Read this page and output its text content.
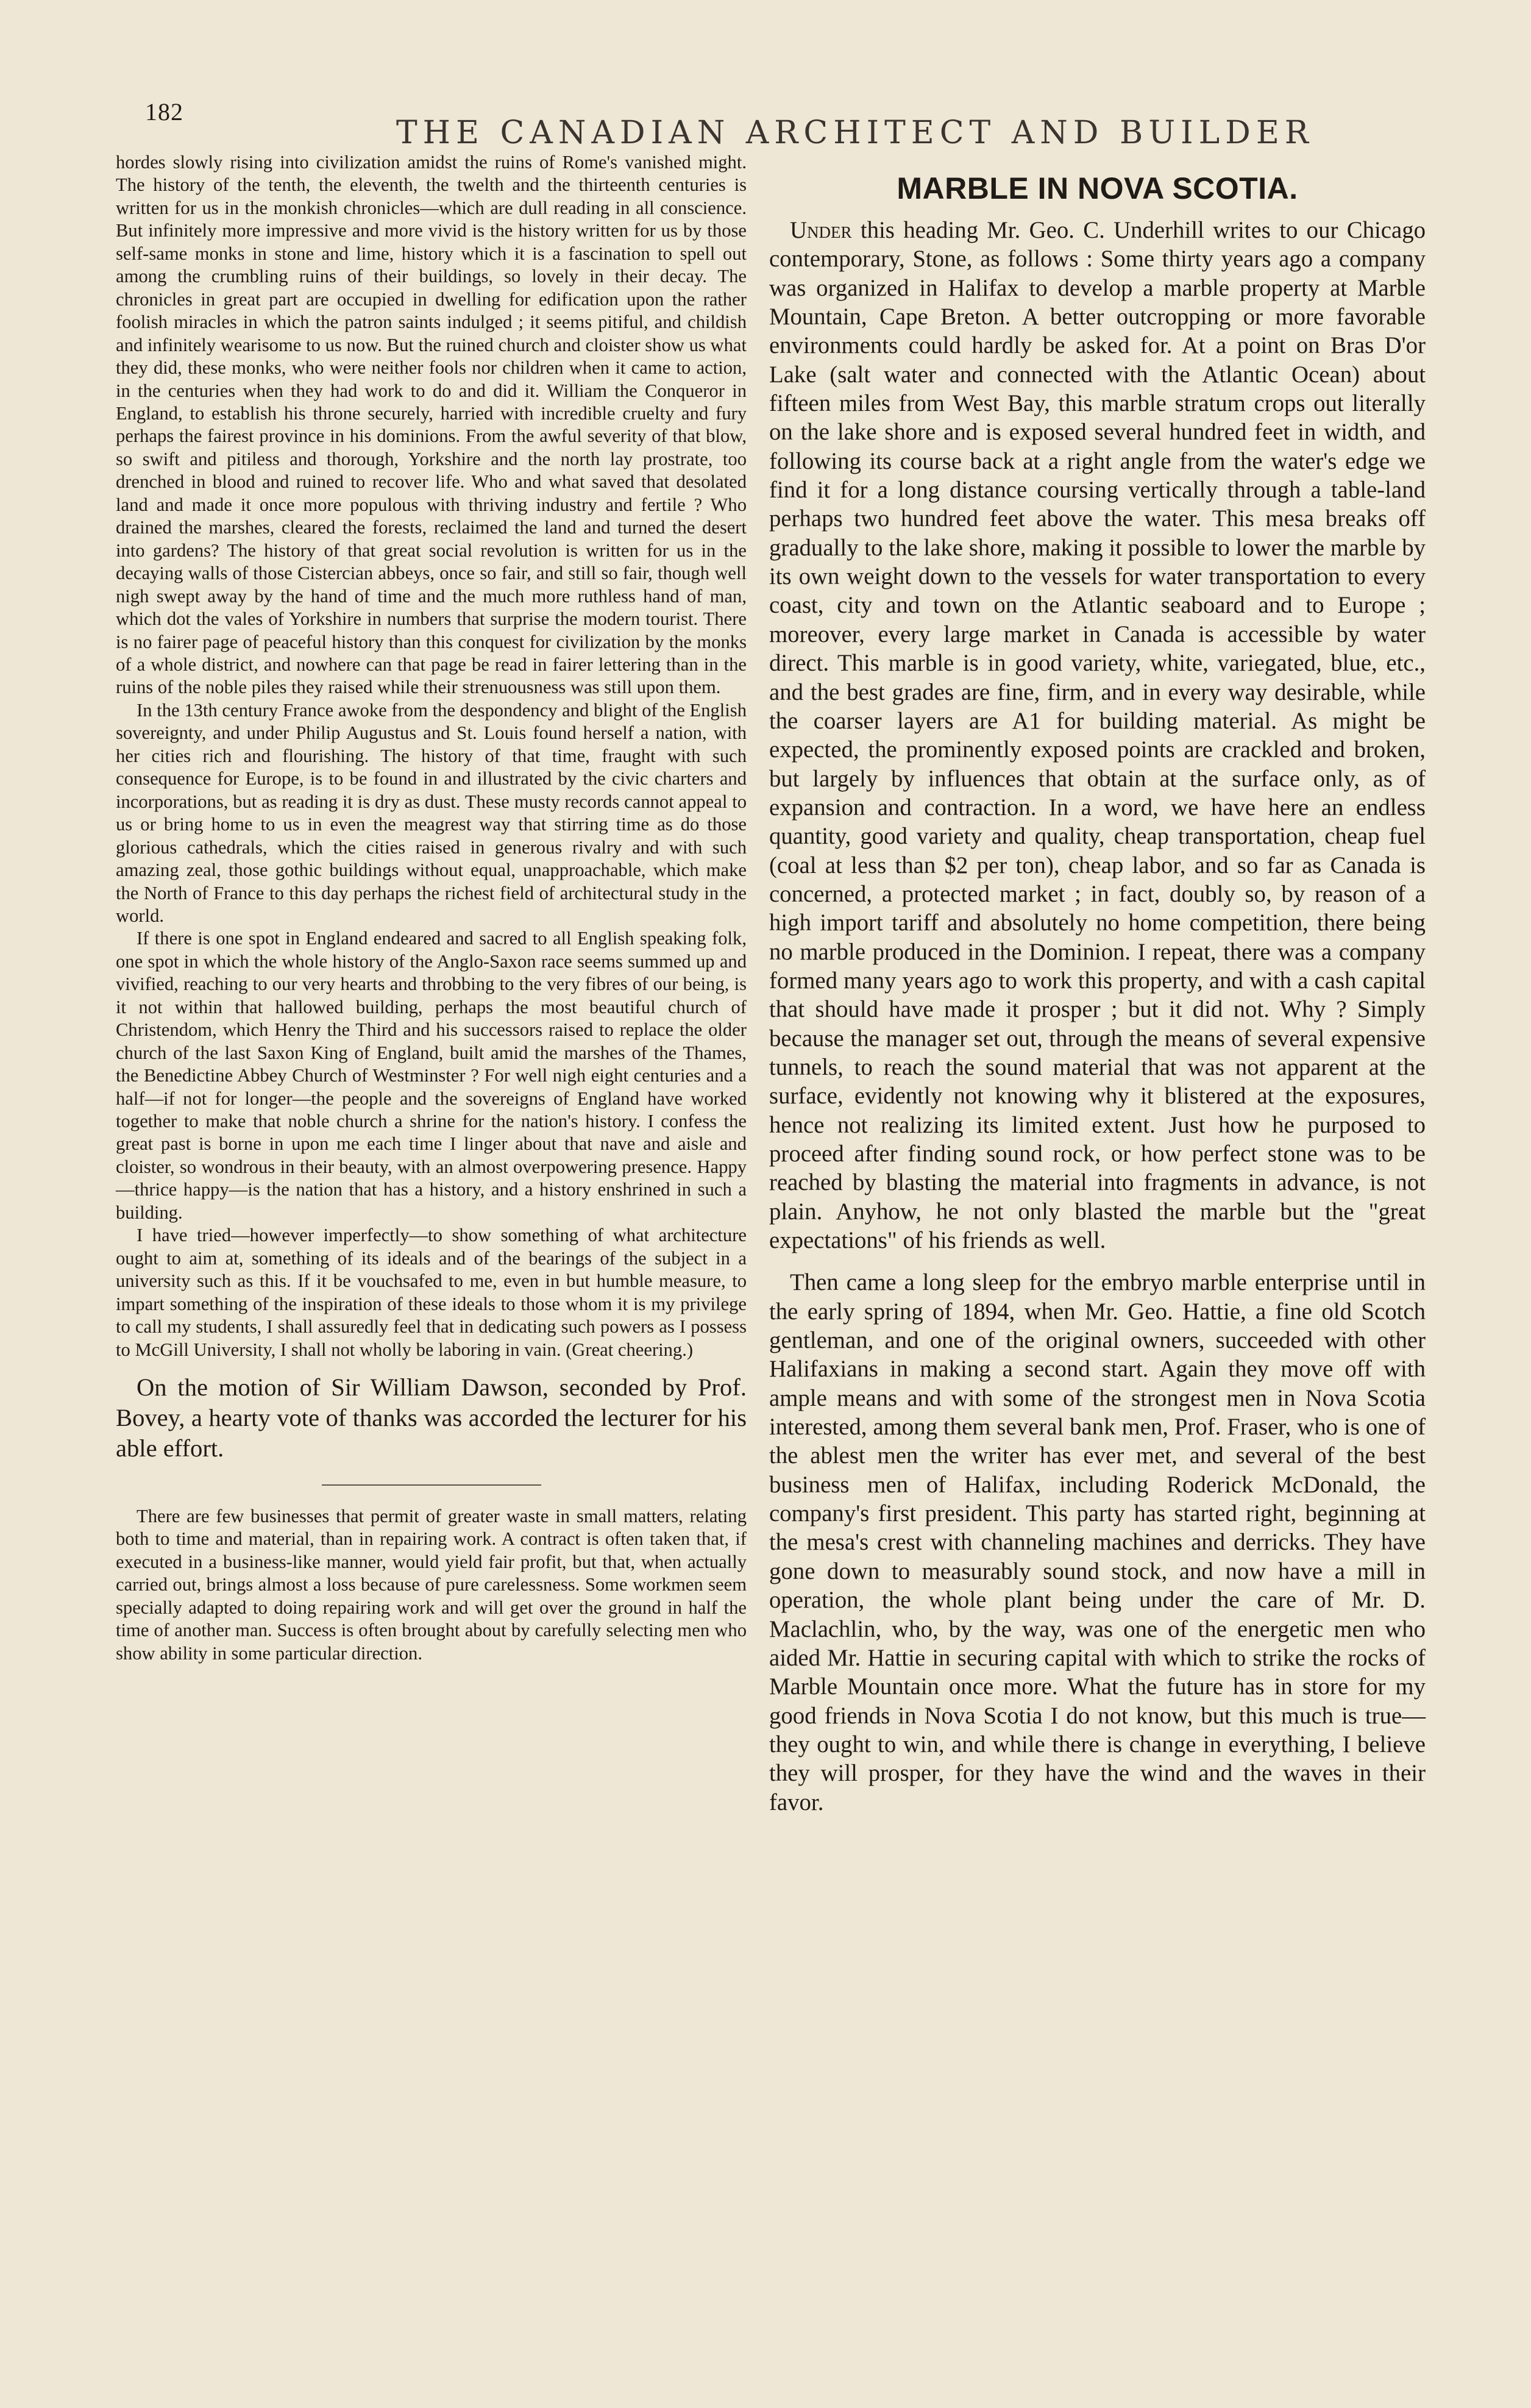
182
THE CANADIAN ARCHITECT AND BUILDER

hordes slowly rising into civilization amidst the ruins of Rome's vanished might. The history of the tenth, the eleventh, the twelth and the thirteenth centuries is written for us in the monkish chronicles—which are dull reading in all conscience. But infinitely more impressive and more vivid is the history written for us by those self-same monks in stone and lime, history which it is a fascination to spell out among the crumbling ruins of their buildings, so lovely in their decay. The chronicles in great part are occupied in dwelling for edification upon the rather foolish miracles in which the patron saints indulged ; it seems pitiful, and childish and infinitely wearisome to us now. But the ruined church and cloister show us what they did, these monks, who were neither fools nor children when it came to action, in the centuries when they had work to do and did it. William the Conqueror in England, to establish his throne securely, harried with incredible cruelty and fury perhaps the fairest province in his dominions. From the awful severity of that blow, so swift and pitiless and thorough, Yorkshire and the north lay prostrate, too drenched in blood and ruined to recover life. Who and what saved that desolated land and made it once more populous with thriving industry and fertile ? Who drained the marshes, cleared the forests, reclaimed the land and turned the desert into gardens? The history of that great social revolution is written for us in the decaying walls of those Cistercian abbeys, once so fair, and still so fair, though well nigh swept away by the hand of time and the much more ruthless hand of man, which dot the vales of Yorkshire in numbers that surprise the modern tourist. There is no fairer page of peaceful history than this conquest for civilization by the monks of a whole district, and nowhere can that page be read in fairer lettering than in the ruins of the noble piles they raised while their strenuousness was still upon them.

In the 13th century France awoke from the despondency and blight of the English sovereignty, and under Philip Augustus and St. Louis found herself a nation, with her cities rich and flourishing. The history of that time, fraught with such consequence for Europe, is to be found in and illustrated by the civic charters and incorporations, but as reading it is dry as dust. These musty records cannot appeal to us or bring home to us in even the meagrest way that stirring time as do those glorious cathedrals, which the cities raised in generous rivalry and with such amazing zeal, those gothic buildings without equal, unapproachable, which make the North of France to this day perhaps the richest field of architectural study in the world.

If there is one spot in England endeared and sacred to all English speaking folk, one spot in which the whole history of the Anglo-Saxon race seems summed up and vivified, reaching to our very hearts and throbbing to the very fibres of our being, is it not within that hallowed building, perhaps the most beautiful church of Christendom, which Henry the Third and his successors raised to replace the older church of the last Saxon King of England, built amid the marshes of the Thames, the Benedictine Abbey Church of Westminster ? For well nigh eight centuries and a half—if not for longer—the people and the sovereigns of England have worked together to make that noble church a shrine for the nation's history. I confess the great past is borne in upon me each time I linger about that nave and aisle and cloister, so wondrous in their beauty, with an almost overpowering presence. Happy—thrice happy—is the nation that has a history, and a history enshrined in such a building.

I have tried—however imperfectly—to show something of what architecture ought to aim at, something of its ideals and of the bearings of the subject in a university such as this. If it be vouchsafed to me, even in but humble measure, to impart something of the inspiration of these ideals to those whom it is my privilege to call my students, I shall assuredly feel that in dedicating such powers as I possess to McGill University, I shall not wholly be laboring in vain. (Great cheering.)

On the motion of Sir William Dawson, seconded by Prof. Bovey, a hearty vote of thanks was accorded the lecturer for his able effort.

There are few businesses that permit of greater waste in small matters, relating both to time and material, than in repairing work. A contract is often taken that, if executed in a business-like manner, would yield fair profit, but that, when actually carried out, brings almost a loss because of pure carelessness. Some workmen seem specially adapted to doing repairing work and will get over the ground in half the time of another man. Success is often brought about by carefully selecting men who show ability in some particular direction.

MARBLE IN NOVA SCOTIA.

Under this heading Mr. Geo. C. Underhill writes to our Chicago contemporary, Stone, as follows : Some thirty years ago a company was organized in Halifax to develop a marble property at Marble Mountain, Cape Breton. A better outcropping or more favorable environments could hardly be asked for. At a point on Bras D'or Lake (salt water and connected with the Atlantic Ocean) about fifteen miles from West Bay, this marble stratum crops out literally on the lake shore and is exposed several hundred feet in width, and following its course back at a right angle from the water's edge we find it for a long distance coursing vertically through a table-land perhaps two hundred feet above the water. This mesa breaks off gradually to the lake shore, making it possible to lower the marble by its own weight down to the vessels for water transportation to every coast, city and town on the Atlantic seaboard and to Europe ; moreover, every large market in Canada is accessible by water direct. This marble is in good variety, white, variegated, blue, etc., and the best grades are fine, firm, and in every way desirable, while the coarser layers are A1 for building material. As might be expected, the prominently exposed points are crackled and broken, but largely by influences that obtain at the surface only, as of expansion and contraction. In a word, we have here an endless quantity, good variety and quality, cheap transportation, cheap fuel (coal at less than $2 per ton), cheap labor, and so far as Canada is concerned, a protected market ; in fact, doubly so, by reason of a high import tariff and absolutely no home competition, there being no marble produced in the Dominion. I repeat, there was a company formed many years ago to work this property, and with a cash capital that should have made it prosper ; but it did not. Why ? Simply because the manager set out, through the means of several expensive tunnels, to reach the sound material that was not apparent at the surface, evidently not knowing why it blistered at the exposures, hence not realizing its limited extent. Just how he purposed to proceed after finding sound rock, or how perfect stone was to be reached by blasting the material into fragments in advance, is not plain. Anyhow, he not only blasted the marble but the "great expectations" of his friends as well.

Then came a long sleep for the embryo marble enterprise until in the early spring of 1894, when Mr. Geo. Hattie, a fine old Scotch gentleman, and one of the original owners, succeeded with other Halifaxians in making a second start. Again they move off with ample means and with some of the strongest men in Nova Scotia interested, among them several bank men, Prof. Fraser, who is one of the ablest men the writer has ever met, and several of the best business men of Halifax, including Roderick McDonald, the company's first president. This party has started right, beginning at the mesa's crest with channeling machines and derricks. They have gone down to measurably sound stock, and now have a mill in operation, the whole plant being under the care of Mr. D. Maclachlin, who, by the way, was one of the energetic men who aided Mr. Hattie in securing capital with which to strike the rocks of Marble Mountain once more. What the future has in store for my good friends in Nova Scotia I do not know, but this much is true—they ought to win, and while there is change in everything, I believe they will prosper, for they have the wind and the waves in their favor.
